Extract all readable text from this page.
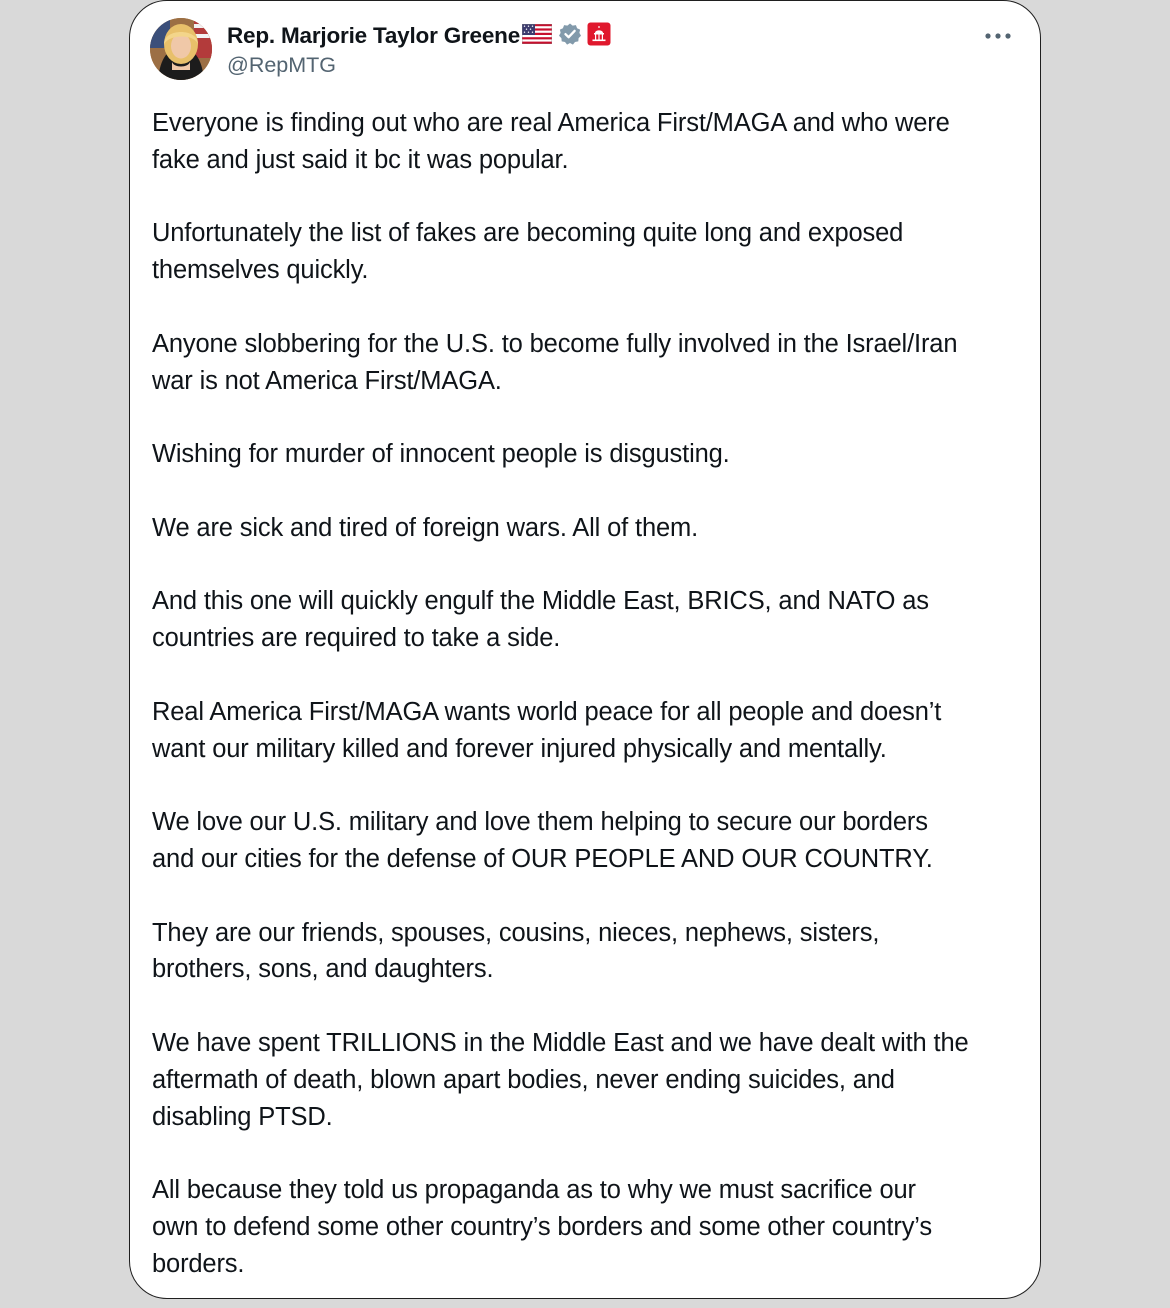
Rep. Marjorie Taylor Greene
@RepMTG

Everyone is finding out who are real America First/MAGA and who were
fake and just said it bc it was popular.

Unfortunately the list of fakes are becoming quite long and exposed
themselves quickly.

Anyone slobbering for the U.S. to become fully involved in the Israel/Iran
war is not America First/MAGA.

Wishing for murder of innocent people is disgusting.

We are sick and tired of foreign wars. All of them.

And this one will quickly engulf the Middle East, BRICS, and NATO as
countries are required to take a side.

Real America First/MAGA wants world peace for all people and doesn’t
want our military killed and forever injured physically and mentally.

We love our U.S. military and love them helping to secure our borders
and our cities for the defense of OUR PEOPLE AND OUR COUNTRY.

They are our friends, spouses, cousins, nieces, nephews, sisters,
brothers, sons, and daughters.

We have spent TRILLIONS in the Middle East and we have dealt with the
aftermath of death, blown apart bodies, never ending suicides, and
disabling PTSD.

All because they told us propaganda as to why we must sacrifice our
own to defend some other country’s borders and some other country’s
borders.
